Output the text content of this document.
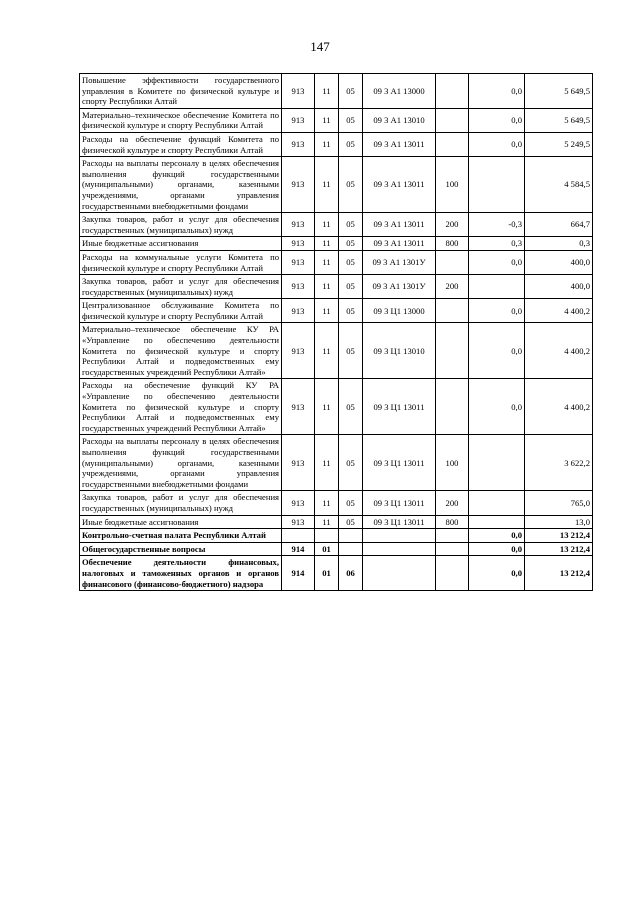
147
Повышение эффективности государственного управления в Комитете по физической культуре и спорту Республики Алтай	913	11	05	09 3 А1 13000		0,0	5 649,5
Материально–техническое обеспечение Комитета по физической культуре и спорту Республики Алтай	913	11	05	09 3 А1 13010		0,0	5 649,5
Расходы на обеспечение функций Комитета по физической культуре и спорту Республики Алтай	913	11	05	09 3 А1 13011		0,0	5 249,5
Расходы на выплаты персоналу в целях обеспечения выполнения функций государственными (муниципальными) органами, казенными учреждениями, органами управления государственными внебюджетными фондами	913	11	05	09 3 А1 13011	100		4 584,5
Закупка товаров, работ и услуг для обеспечения государственных (муниципальных) нужд	913	11	05	09 3 А1 13011	200	-0,3	664,7
Иные бюджетные ассигнования	913	11	05	09 3 А1 13011	800	0,3	0,3
Расходы на коммунальные услуги Комитета по физической культуре и спорту Республики Алтай	913	11	05	09 3 А1 1301У		0,0	400,0
Закупка товаров, работ и услуг для обеспечения государственных (муниципальных) нужд	913	11	05	09 3 А1 1301У	200		400,0
Централизованное обслуживание Комитета по физической культуре и спорту Республики Алтай	913	11	05	09 3 Ц1 13000		0,0	4 400,2
Материально–техническое обеспечение КУ РА «Управление по обеспечению деятельности Комитета по физической культуре и спорту Республики Алтай и подведомственных ему государственных учреждений Республики Алтай»	913	11	05	09 3 Ц1 13010		0,0	4 400,2
Расходы на обеспечение функций КУ РА «Управление по обеспечению деятельности Комитета по физической культуре и спорту Республики Алтай и подведомственных ему государственных учреждений Республики Алтай»	913	11	05	09 3 Ц1 13011		0,0	4 400,2
Расходы на выплаты персоналу в целях обеспечения выполнения функций государственными (муниципальными) органами, казенными учреждениями, органами управления государственными внебюджетными фондами	913	11	05	09 3 Ц1 13011	100		3 622,2
Закупка товаров, работ и услуг для обеспечения государственных (муниципальных) нужд	913	11	05	09 3 Ц1 13011	200		765,0
Иные бюджетные ассигнования	913	11	05	09 3 Ц1 13011	800		13,0
Контрольно-счетная палата Республики Алтай						0,0	13 212,4
Общегосударственные вопросы	914	01				0,0	13 212,4
Обеспечение деятельности финансовых, налоговых и таможенных органов и органов финансового (финансово-бюджетного) надзора	914	01	06			0,0	13 212,4
